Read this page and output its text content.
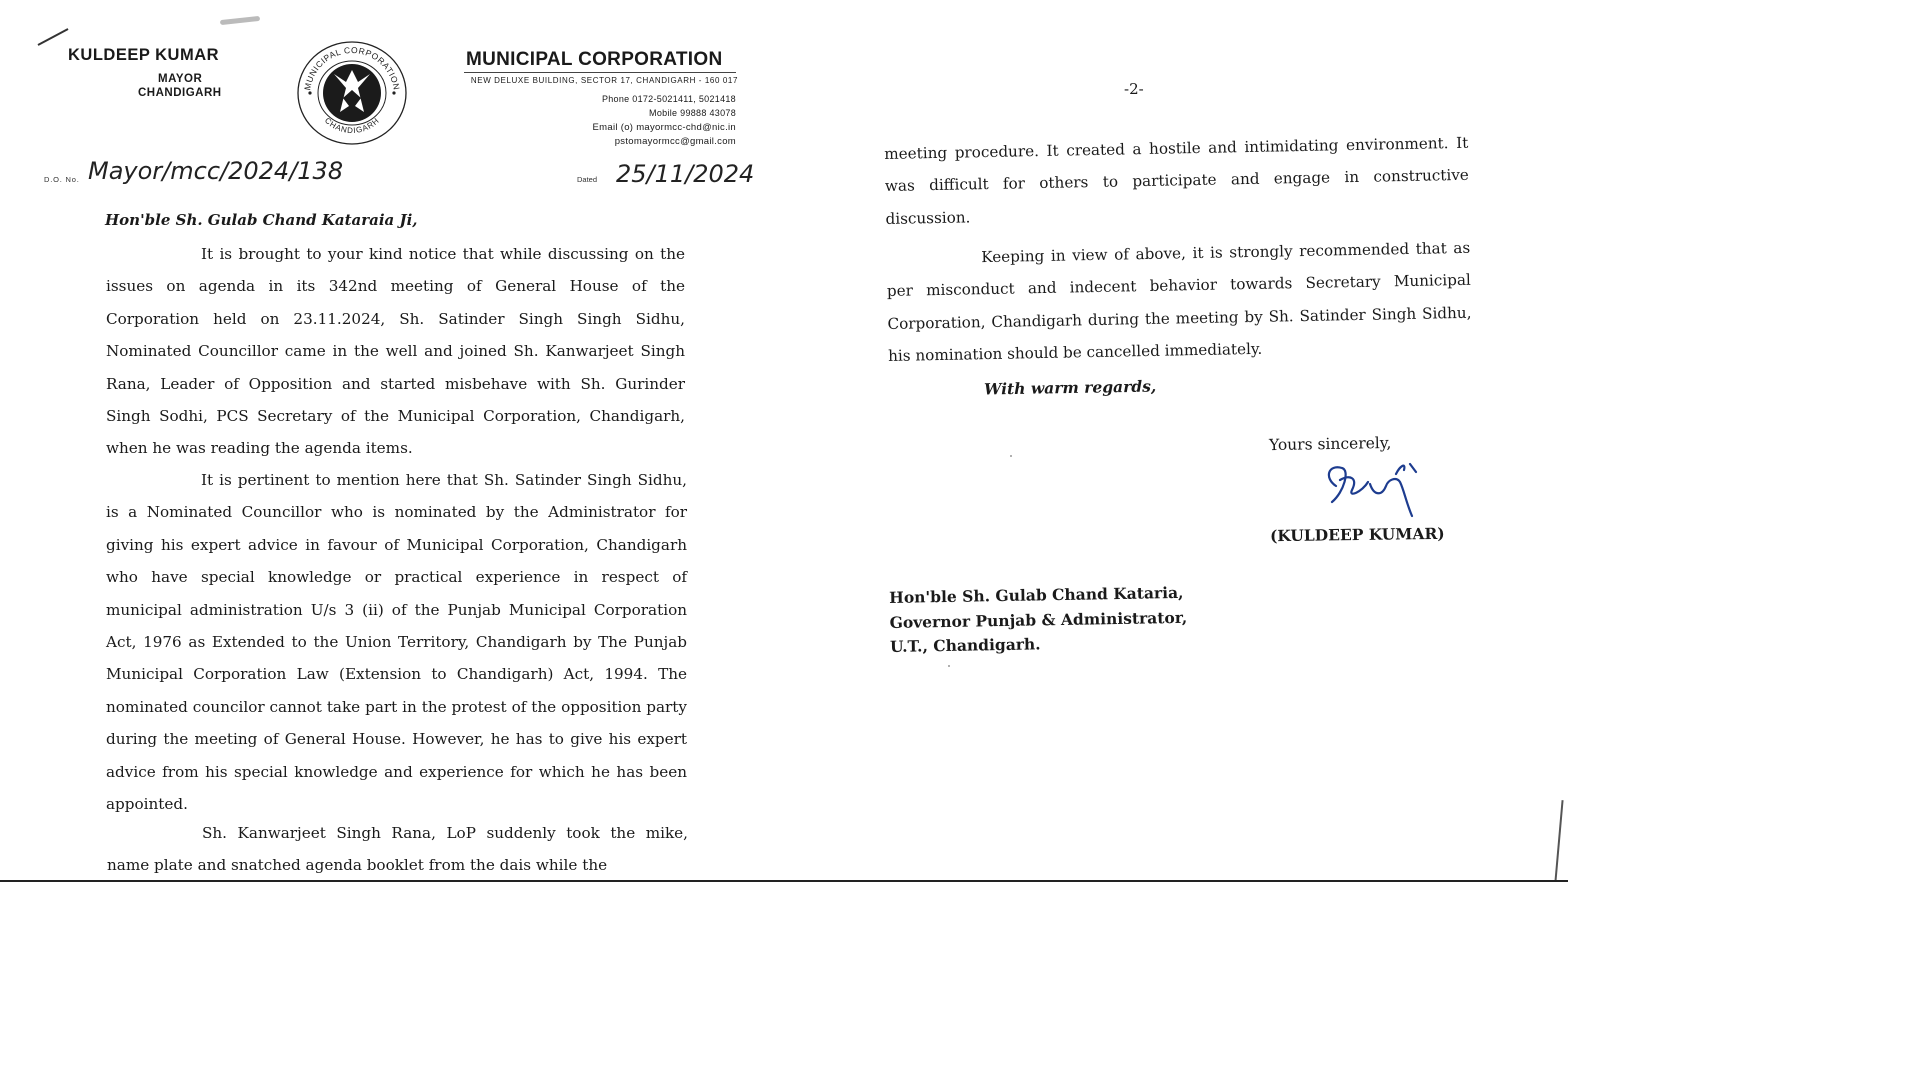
KULDEEP KUMAR
MAYOR
CHANDIGARH
MUNICIPAL CORPORATION
CHANDIGARH
MUNICIPAL CORPORATION
NEW DELUXE BUILDING, SECTOR 17, CHANDIGARH - 160 017
Phone 0172-5021411, 5021418
Mobile 99888 43078
Email (o) mayormcc-chd@nic.in
pstomayormcc@gmail.com
D.O. No. Mayor/mcc/2024/138	Dated 25/11/2024
Hon'ble Sh. Gulab Chand Kataraia Ji,
It is brought to your kind notice that while discussing on the issues on agenda in its 342nd meeting of General House of the Corporation held on 23.11.2024, Sh. Satinder Singh Singh Sidhu, Nominated Councillor came in the well and joined Sh. Kanwarjeet Singh Rana, Leader of Opposition and started misbehave with Sh. Gurinder Singh Sodhi, PCS Secretary of the Municipal Corporation, Chandigarh, when he was reading the agenda items.
It is pertinent to mention here that Sh. Satinder Singh Sidhu, is a Nominated Councillor who is nominated by the Administrator for giving his expert advice in favour of Municipal Corporation, Chandigarh who have special knowledge or practical experience in respect of municipal administration U/s 3 (ii) of the Punjab Municipal Corporation Act, 1976 as Extended to the Union Territory, Chandigarh by The Punjab Municipal Corporation Law (Extension to Chandigarh) Act, 1994. The nominated councilor cannot take part in the protest of the opposition party during the meeting of General House. However, he has to give his expert advice from his special knowledge and experience for which he has been appointed.
Sh. Kanwarjeet Singh Rana, LoP suddenly took the mike, name plate and snatched agenda booklet from the dais while the
-2-
meeting procedure. It created a hostile and intimidating environment. It was difficult for others to participate and engage in constructive discussion.
Keeping in view of above, it is strongly recommended that as per misconduct and indecent behavior towards Secretary Municipal Corporation, Chandigarh during the meeting by Sh. Satinder Singh Sidhu, his nomination should be cancelled immediately.
With warm regards,
Yours sincerely,
(KULDEEP KUMAR)
Hon'ble Sh. Gulab Chand Kataria,
Governor Punjab & Administrator,
U.T., Chandigarh.
